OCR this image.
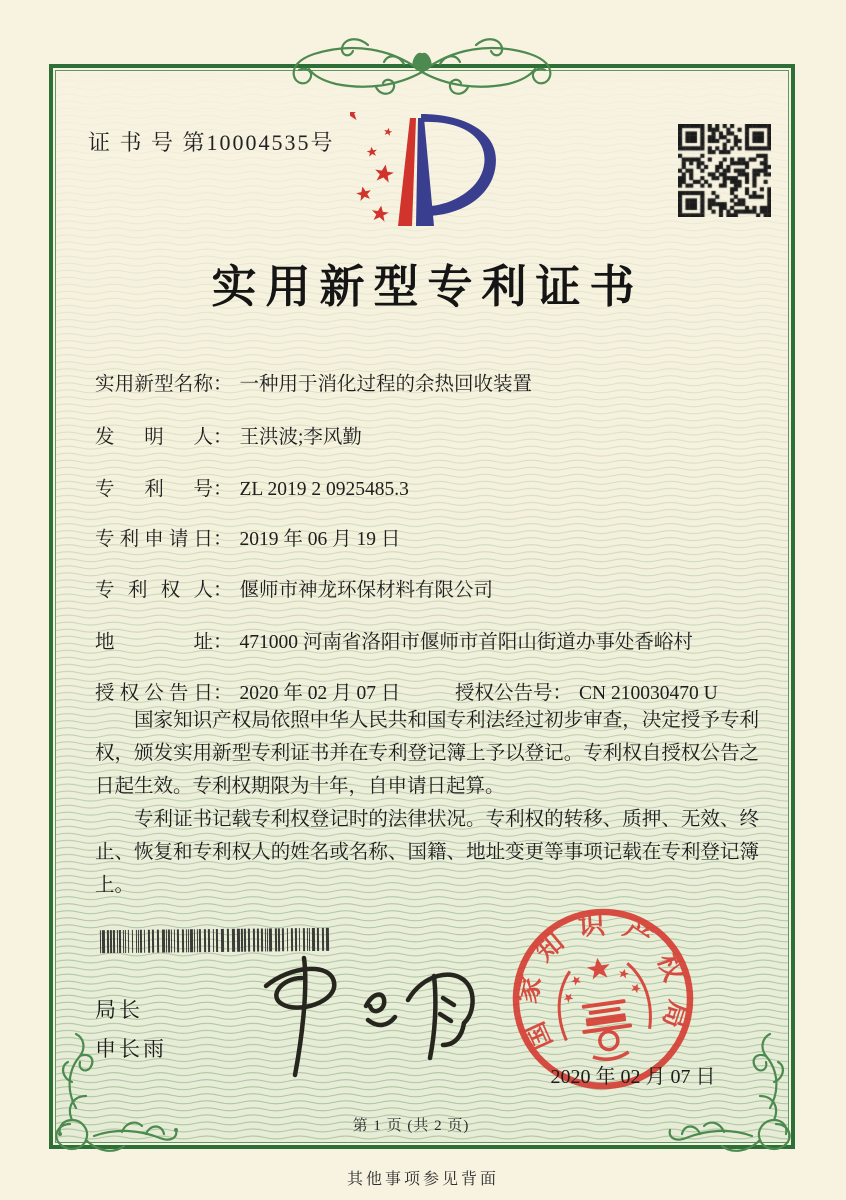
证 书 号 第10004535号
实用新型专利证书
实用新型名称： 一种用于消化过程的余热回收装置
发明人： 王洪波;李风勤
专利号： ZL 2019 2 0925485.3
专利申请日： 2019 年 06 月 19 日
专利权人： 偃师市神龙环保材料有限公司
地址： 471000 河南省洛阳市偃师市首阳山街道办事处香峪村
授权公告日： 2020 年 02 月 07 日	授权公告号： CN 210030470 U

国家知识产权局依照中华人民共和国专利法经过初步审查，决定授予专利权，颁发实用新型专利证书并在专利登记簿上予以登记。专利权自授权公告之日起生效。专利权期限为十年，自申请日起算。

专利证书记载专利权登记时的法律状况。专利权的转移、质押、无效、终止、恢复和专利权人的姓名或名称、国籍、地址变更等事项记载在专利登记簿上。

局长
申长雨
2020 年 02 月 07 日
国家知识产权局
第 1 页 (共 2 页)
其他事项参见背面
